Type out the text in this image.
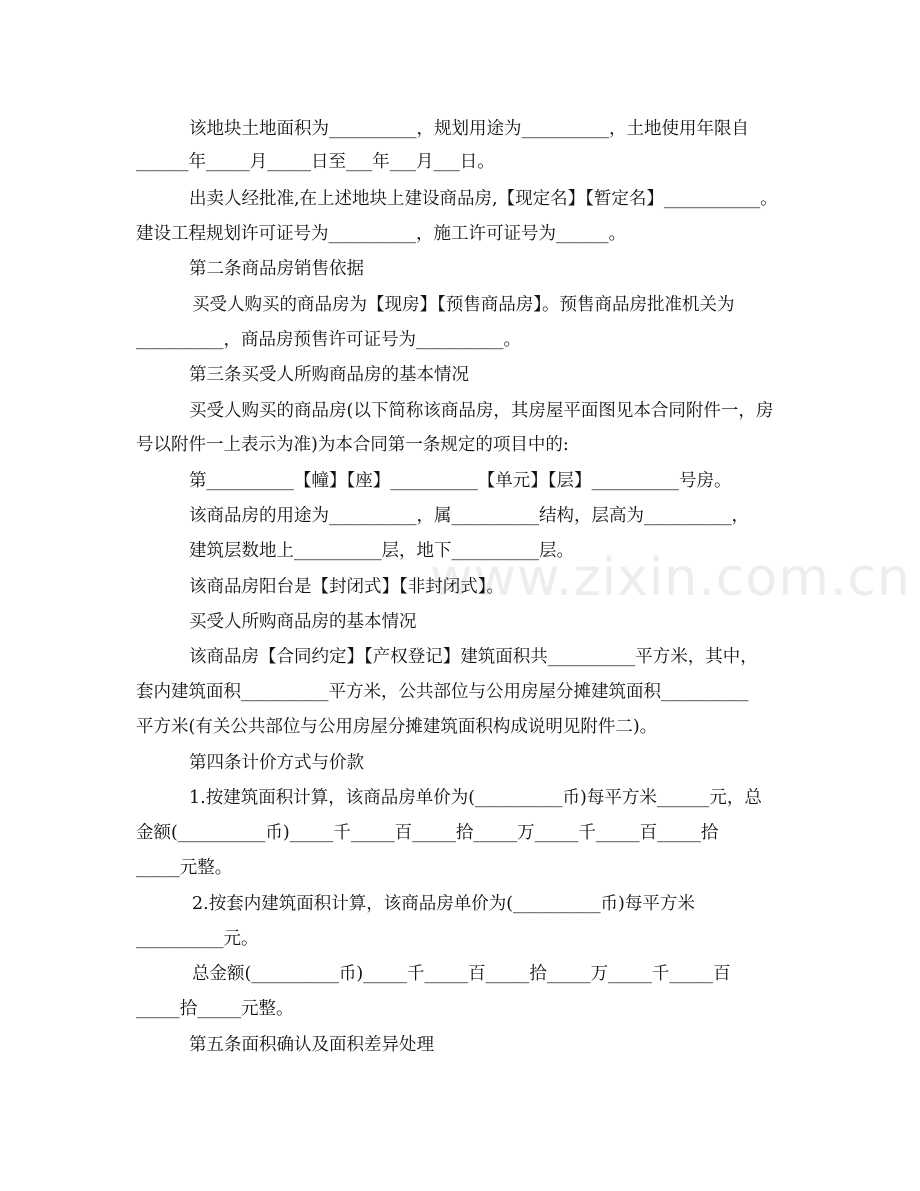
www.zixin.com.cn
该地块土地面积为__________，规划用途为__________，土地使用年限自
______年_____月_____日至___年___月___日。
出卖人经批准,在上述地块上建设商品房,【现定名】【暂定名】___________。
建设工程规划许可证号为__________，施工许可证号为______。
第二条商品房销售依据
买受人购买的商品房为【现房】【预售商品房】。预售商品房批准机关为
__________，商品房预售许可证号为__________。
第三条买受人所购商品房的基本情况
买受人购买的商品房(以下简称该商品房，其房屋平面图见本合同附件一，房
号以附件一上表示为准)为本合同第一条规定的项目中的:
第__________【幢】【座】__________【单元】【层】__________号房。
该商品房的用途为__________，属__________结构，层高为__________，
建筑层数地上__________层，地下__________层。
该商品房阳台是【封闭式】【非封闭式】。
买受人所购商品房的基本情况
该商品房【合同约定】【产权登记】建筑面积共__________平方米，其中，
套内建筑面积__________平方米，公共部位与公用房屋分摊建筑面积__________
平方米(有关公共部位与公用房屋分摊建筑面积构成说明见附件二)。
第四条计价方式与价款
1.按建筑面积计算，该商品房单价为(__________币)每平方米______元，总
金额(__________币)_____千_____百_____拾_____万_____千_____百_____拾
_____元整。
2.按套内建筑面积计算，该商品房单价为(__________币)每平方米
__________元。
总金额(__________币)_____千_____百_____拾_____万_____千_____百
_____拾_____元整。
第五条面积确认及面积差异处理
